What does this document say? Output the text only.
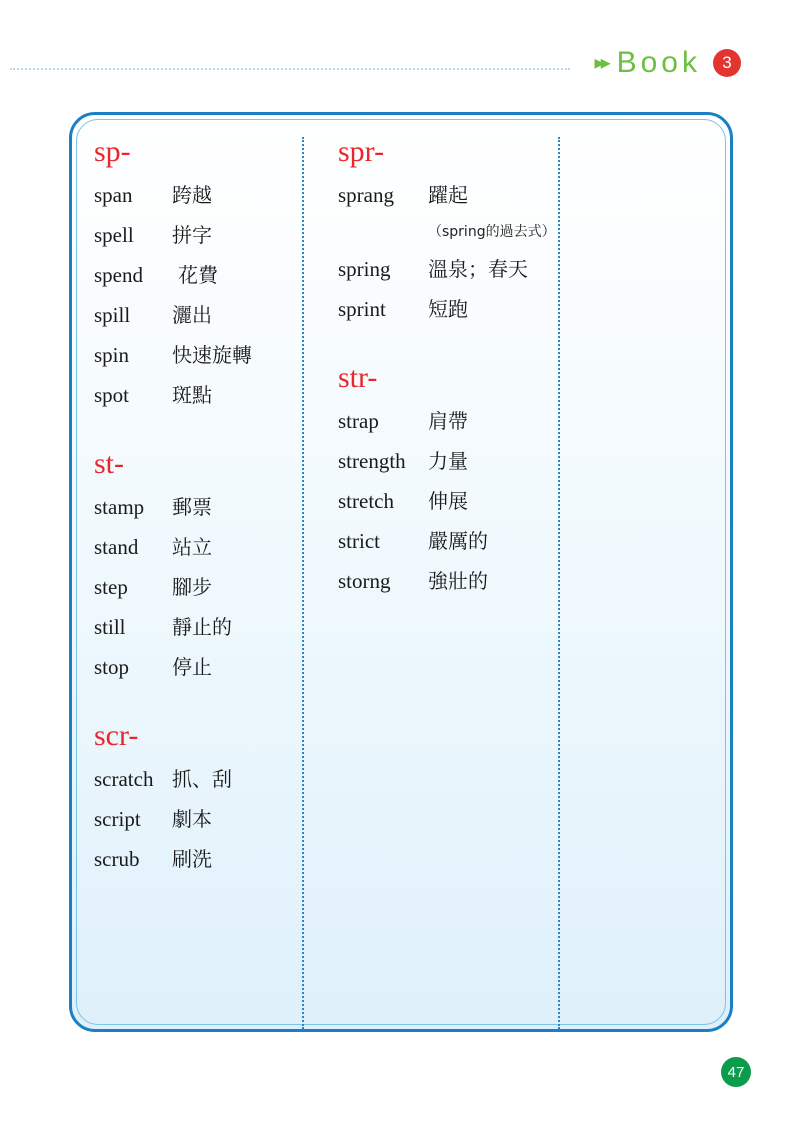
▸▸ Book	3
sp-
span	跨越
spell	拼字
spend	花費
spill	灑出
spin	快速旋轉
spot	斑點
st-
stamp	郵票
stand	站立
step	腳步
still	靜止的
stop	停止
scr-
scratch 抓、刮
script	劇本
scrub	刷洗
spr-
sprang	躍起
（spring的過去式）
spring	溫泉；春天
sprint	短跑
str-
strap	肩帶
strength	力量
stretch	伸展
strict	嚴厲的
storng	強壯的
47
